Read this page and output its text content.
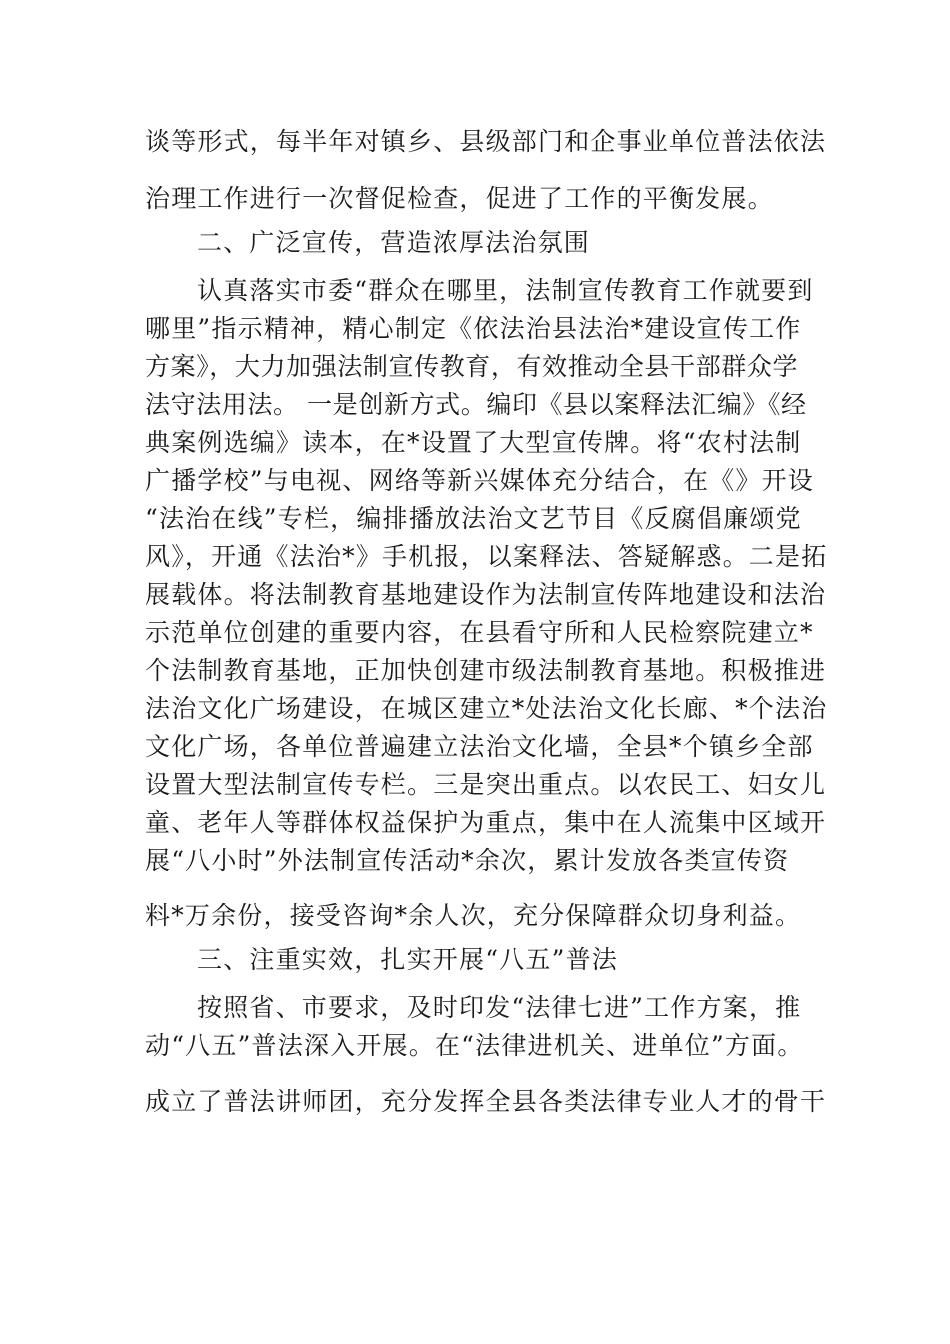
谈等形式，每半年对镇乡、县级部门和企事业单位普法依法
治理工作进行一次督促检查，促进了工作的平衡发展。
二、广泛宣传，营造浓厚法治氛围
认真落实市委“群众在哪里，法制宣传教育工作就要到
哪里”指示精神，精心制定《依法治县法治*建设宣传工作
方案》，大力加强法制宣传教育，有效推动全县干部群众学
法守法用法。 一是创新方式。编印《县以案释法汇编》《经
典案例选编》读本，在*设置了大型宣传牌。将“农村法制
广播学校”与电视、网络等新兴媒体充分结合，在《》开设
“法治在线”专栏，编排播放法治文艺节目《反腐倡廉颂党
风》，开通《法治*》手机报，以案释法、答疑解惑。二是拓
展载体。将法制教育基地建设作为法制宣传阵地建设和法治
示范单位创建的重要内容，在县看守所和人民检察院建立*
个法制教育基地，正加快创建市级法制教育基地。积极推进
法治文化广场建设，在城区建立*处法治文化长廊、*个法治
文化广场，各单位普遍建立法治文化墙，全县*个镇乡全部
设置大型法制宣传专栏。三是突出重点。以农民工、妇女儿
童、老年人等群体权益保护为重点，集中在人流集中区域开
展“八小时”外法制宣传活动*余次，累计发放各类宣传资
料*万余份，接受咨询*余人次，充分保障群众切身利益。
三、注重实效，扎实开展“八五”普法
按照省、市要求，及时印发“法律七进”工作方案，推
动“八五”普法深入开展。在“法律进机关、进单位”方面。
成立了普法讲师团，充分发挥全县各类法律专业人才的骨干
